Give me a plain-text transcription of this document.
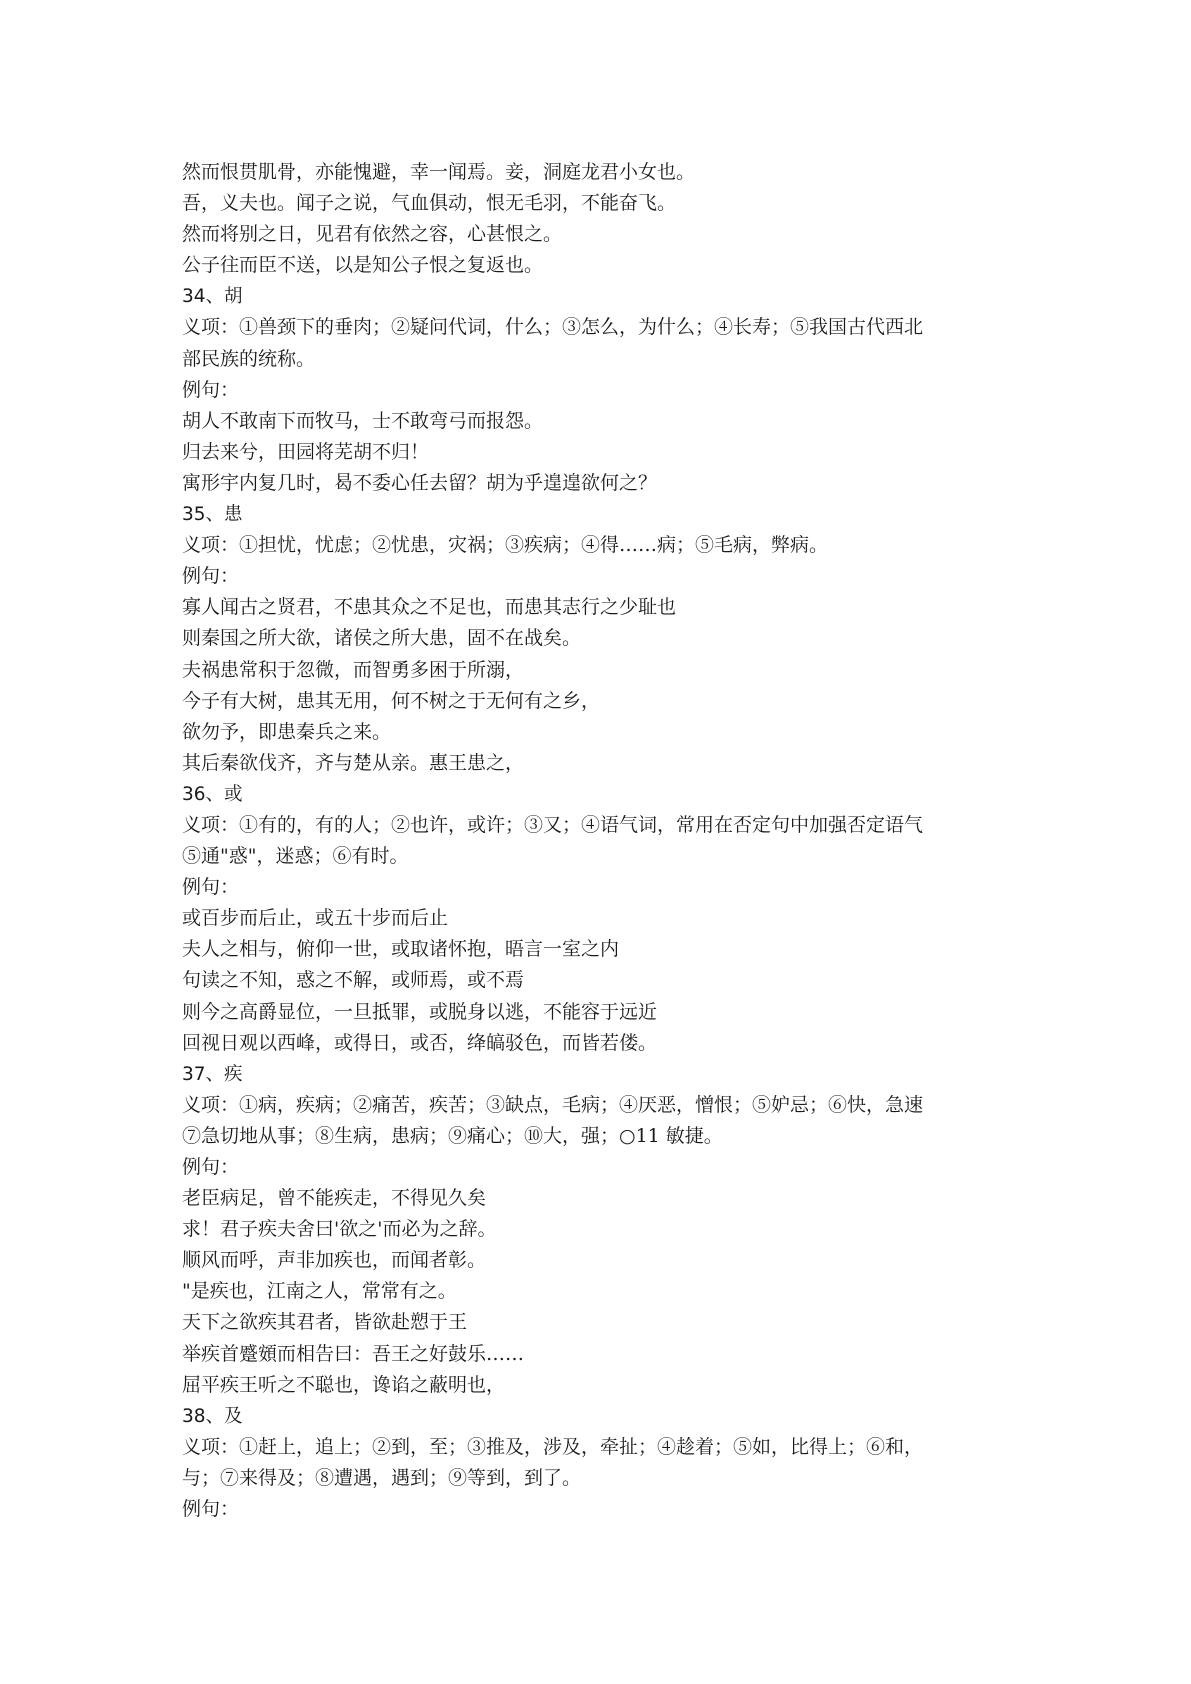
然而恨贯肌骨，亦能愧避，幸一闻焉。妾，洞庭龙君小女也。

吾，义夫也。闻子之说，气血俱动，恨无毛羽，不能奋飞。

然而将别之日，见君有依然之容，心甚恨之。

公子往而臣不送，以是知公子恨之复返也。

34、胡

义项：①兽颈下的垂肉；②疑问代词，什么；③怎么，为什么；④长寿；⑤我国古代西北

部民族的统称。

例句：

胡人不敢南下而牧马，士不敢弯弓而报怨。

归去来兮，田园将芜胡不归！

寓形宇内复几时，曷不委心任去留？胡为乎遑遑欲何之？

35、患

义项：①担忧，忧虑；②忧患，灾祸；③疾病；④得……病；⑤毛病，弊病。

例句：

寡人闻古之贤君，不患其众之不足也，而患其志行之少耻也

则秦国之所大欲，诸侯之所大患，固不在战矣。

夫祸患常积于忽微，而智勇多困于所溺，

今子有大树，患其无用，何不树之于无何有之乡，

欲勿予，即患秦兵之来。

其后秦欲伐齐，齐与楚从亲。惠王患之，

36、或

义项：①有的，有的人；②也许，或许；③又；④语气词，常用在否定句中加强否定语气

⑤通"惑"，迷惑；⑥有时。

例句：

或百步而后止，或五十步而后止

夫人之相与，俯仰一世，或取诸怀抱，晤言一室之内

句读之不知，惑之不解，或师焉，或不焉

则今之高爵显位，一旦抵罪，或脱身以逃，不能容于远近

回视日观以西峰，或得日，或否，绛皜驳色，而皆若偻。

37、疾

义项：①病，疾病；②痛苦，疾苦；③缺点，毛病；④厌恶，憎恨；⑤妒忌；⑥快，急速

⑦急切地从事；⑧生病，患病；⑨痛心；⑩大，强；○11 敏捷。

例句：

老臣病足，曾不能疾走，不得见久矣

求！君子疾夫舍曰'欲之'而必为之辞。

顺风而呼，声非加疾也，而闻者彰。

"是疾也，江南之人，常常有之。

天下之欲疾其君者，皆欲赴愬于王

举疾首蹙頞而相告曰：吾王之好鼓乐……

屈平疾王听之不聪也，谗谄之蔽明也，

38、及

义项：①赶上，追上；②到，至；③推及，涉及，牵扯；④趁着；⑤如，比得上；⑥和，

与；⑦来得及；⑧遭遇，遇到；⑨等到，到了。

例句：
